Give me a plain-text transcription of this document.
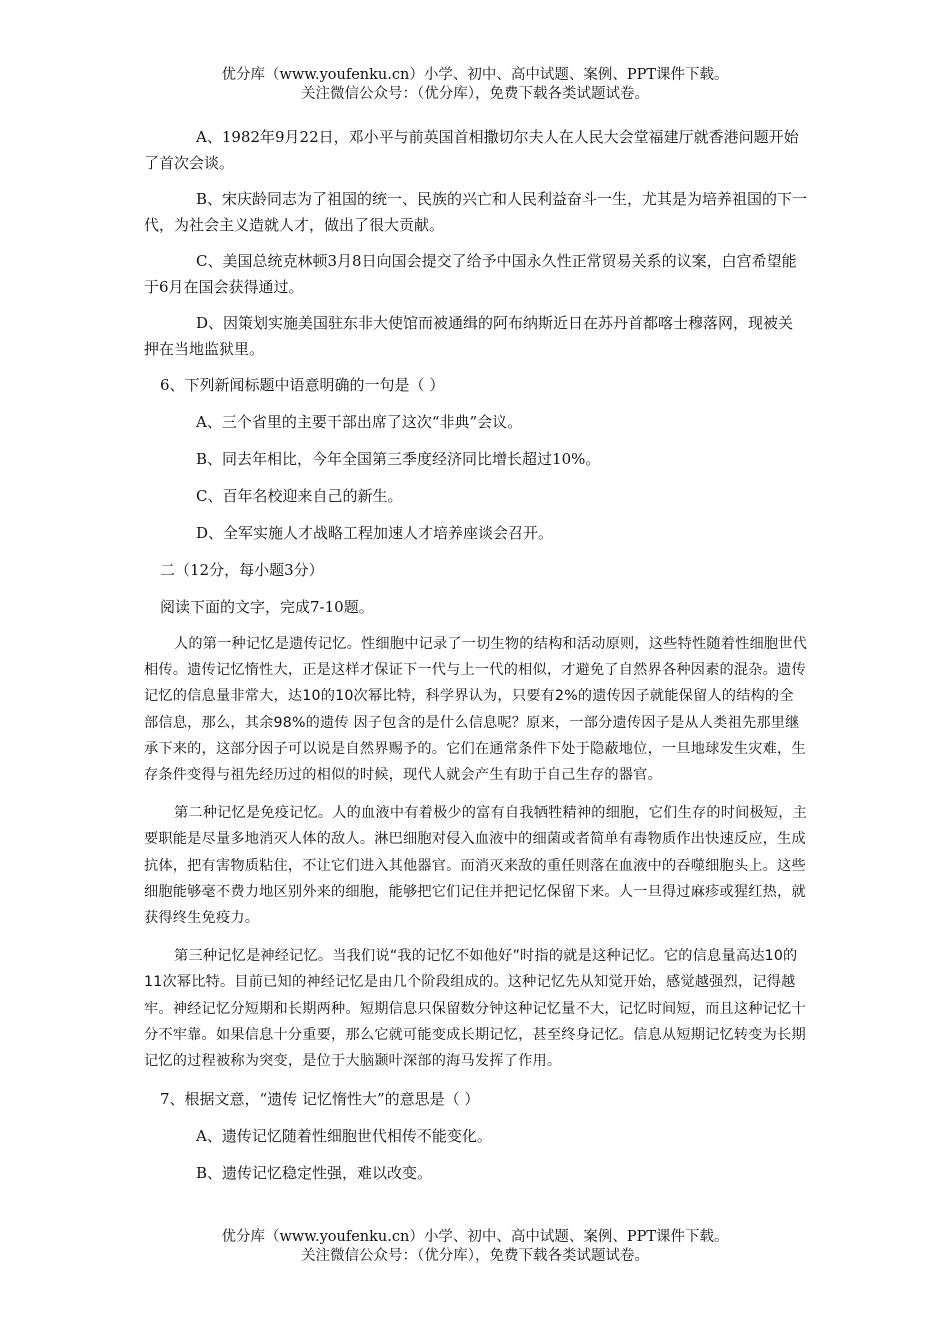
优分库（www.youfenku.cn）小学、初中、高中试题、案例、PPT课件下载。
关注微信公众号：（优分库），免费下载各类试题试卷。

A、1982年9月22日，邓小平与前英国首相撒切尔夫人在人民大会堂福建厅就香港问题开始了首次会谈。

B、宋庆龄同志为了祖国的统一、民族的兴亡和人民利益奋斗一生，尤其是为培养祖国的下一代，为社会主义造就人才，做出了很大贡献。

C、美国总统克林顿3月8日向国会提交了给予中国永久性正常贸易关系的议案，白宫希望能于6月在国会获得通过。

D、因策划实施美国驻东非大使馆而被通缉的阿布纳斯近日在苏丹首都喀士穆落网，现被关押在当地监狱里。

6、下列新闻标题中语意明确的一句是（ ）

A、三个省里的主要干部出席了这次“非典”会议。

B、同去年相比，今年全国第三季度经济同比增长超过10%。

C、百年名校迎来自己的新生。

D、全军实施人才战略工程加速人才培养座谈会召开。

二（12分，每小题3分）

阅读下面的文字，完成7-10题。

人的第一种记忆是遗传记忆。性细胞中记录了一切生物的结构和活动原则，这些特性随着性细胞世代相传。遗传记忆惰性大，正是这样才保证下一代与上一代的相似，才避免了自然界各种因素的混杂。遗传记忆的信息量非常大，达10的10次幂比特，科学界认为，只要有2%的遗传因子就能保留人的结构的全部信息，那么，其余98%的遗传 因子包含的是什么信息呢？原来，一部分遗传因子是从人类祖先那里继承下来的，这部分因子可以说是自然界赐予的。它们在通常条件下处于隐蔽地位，一旦地球发生灾难，生存条件变得与祖先经历过的相似的时候，现代人就会产生有助于自己生存的器官。

第二种记忆是免疫记忆。人的血液中有着极少的富有自我牺牲精神的细胞，它们生存的时间极短，主要职能是尽量多地消灭人体的敌人。淋巴细胞对侵入血液中的细菌或者简单有毒物质作出快速反应，生成抗体，把有害物质粘住，不让它们进入其他器官。而消灭来敌的重任则落在血液中的吞噬细胞头上。这些细胞能够毫不费力地区别外来的细胞，能够把它们记住并把记忆保留下来。人一旦得过麻疹或猩红热，就获得终生免疫力。

第三种记忆是神经记忆。当我们说“我的记忆不如他好”时指的就是这种记忆。它的信息量高达10的11次幂比特。目前已知的神经记忆是由几个阶段组成的。这种记忆先从知觉开始，感觉越强烈，记得越牢。神经记忆分短期和长期两种。短期信息只保留数分钟这种记忆量不大，记忆时间短，而且这种记忆十分不牢靠。如果信息十分重要，那么它就可能变成长期记忆，甚至终身记忆。信息从短期记忆转变为长期记忆的过程被称为突变，是位于大脑颞叶深部的海马发挥了作用。

7、根据文意，“遗传 记忆惰性大”的意思是（ ）

A、遗传记忆随着性细胞世代相传不能变化。

B、遗传记忆稳定性强，难以改变。

优分库（www.youfenku.cn）小学、初中、高中试题、案例、PPT课件下载。
关注微信公众号：（优分库），免费下载各类试题试卷。
